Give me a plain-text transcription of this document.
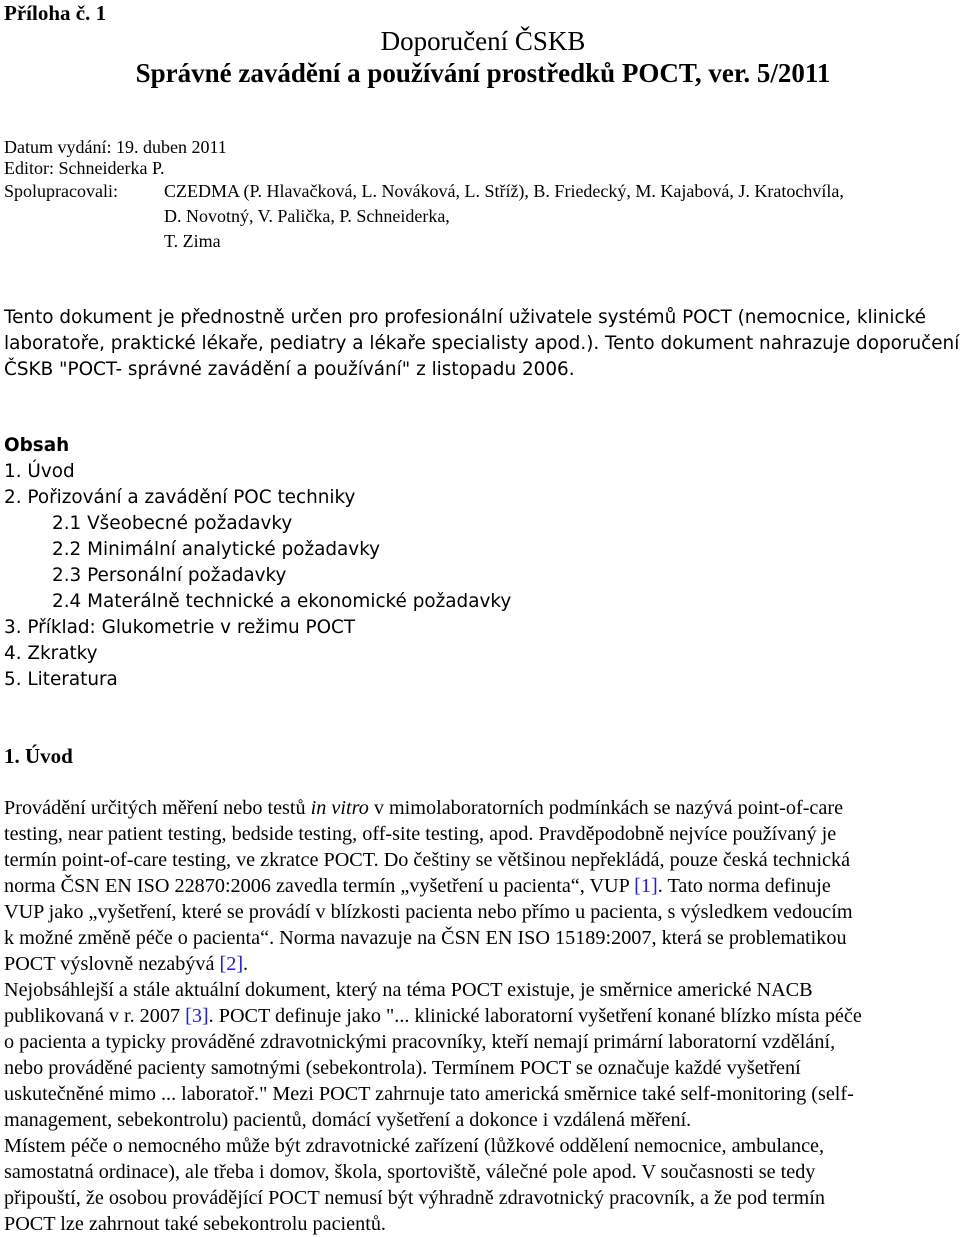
Příloha č. 1
Doporučení ČSKB
Správné zavádění a používání prostředků POCT, ver. 5/2011
Datum vydání: 19. duben 2011
Editor: Schneiderka P.
Spolupracovali:	CZEDMA (P. Hlavačková, L. Nováková, L. Stříž), B. Friedecký, M. Kajabová, J. Kratochvíla,
D. Novotný, V. Palička, P. Schneiderka,
T. Zima

Tento dokument je přednostně určen pro profesionální uživatele systémů POCT (nemocnice, klinické

laboratoře, praktické lékaře, pediatry a lékaře specialisty apod.). Tento dokument nahrazuje doporučení

ČSKB "POCT- správné zavádění a používání" z listopadu 2006.

Obsah
1. Úvod
2. Pořizování a zavádění POC techniky
2.1 Všeobecné požadavky
2.2 Minimální analytické požadavky
2.3 Personální požadavky
2.4 Materálně technické a ekonomické požadavky
3. Příklad: Glukometrie v režimu POCT
4. Zkratky
5. Literatura
1. Úvod

Provádění určitých měření nebo testů in vitro v mimolaboratorních podmínkách se nazývá point-of-care
testing, near patient testing, bedside testing, off-site testing, apod. Pravděpodobně nejvíce používaný je
termín point-of-care testing, ve zkratce POCT. Do češtiny se většinou nepřekládá, pouze česká technická
norma ČSN EN ISO 22870:2006 zavedla termín „vyšetření u pacienta“, VUP [1]. Tato norma definuje
VUP jako „vyšetření, které se provádí v blízkosti pacienta nebo přímo u pacienta, s výsledkem vedoucím
k možné změně péče o pacienta“. Norma navazuje na ČSN EN ISO 15189:2007, která se problematikou
POCT výslovně nezabývá [2].

Nejobsáhlejší a stále aktuální dokument, který na téma POCT existuje, je směrnice americké NACB
publikovaná v r. 2007 [3]. POCT definuje jako "... klinické laboratorní vyšetření konané blízko místa péče
o pacienta a typicky prováděné zdravotnickými pracovníky, kteří nemají primární laboratorní vzdělání,
nebo prováděné pacienty samotnými (sebekontrola). Termínem POCT se označuje každé vyšetření
uskutečněné mimo ... laboratoř." Mezi POCT zahrnuje tato americká směrnice také self-monitoring (self-
management, sebekontrolu) pacientů, domácí vyšetření a dokonce i vzdálená měření.

Místem péče o nemocného může být zdravotnické zařízení (lůžkové oddělení nemocnice, ambulance,
samostatná ordinace), ale třeba i domov, škola, sportoviště, válečné pole apod. V současnosti se tedy
připouští, že osobou provádějící POCT nemusí být výhradně zdravotnický pracovník, a že pod termín
POCT lze zahrnout také sebekontrolu pacientů.
